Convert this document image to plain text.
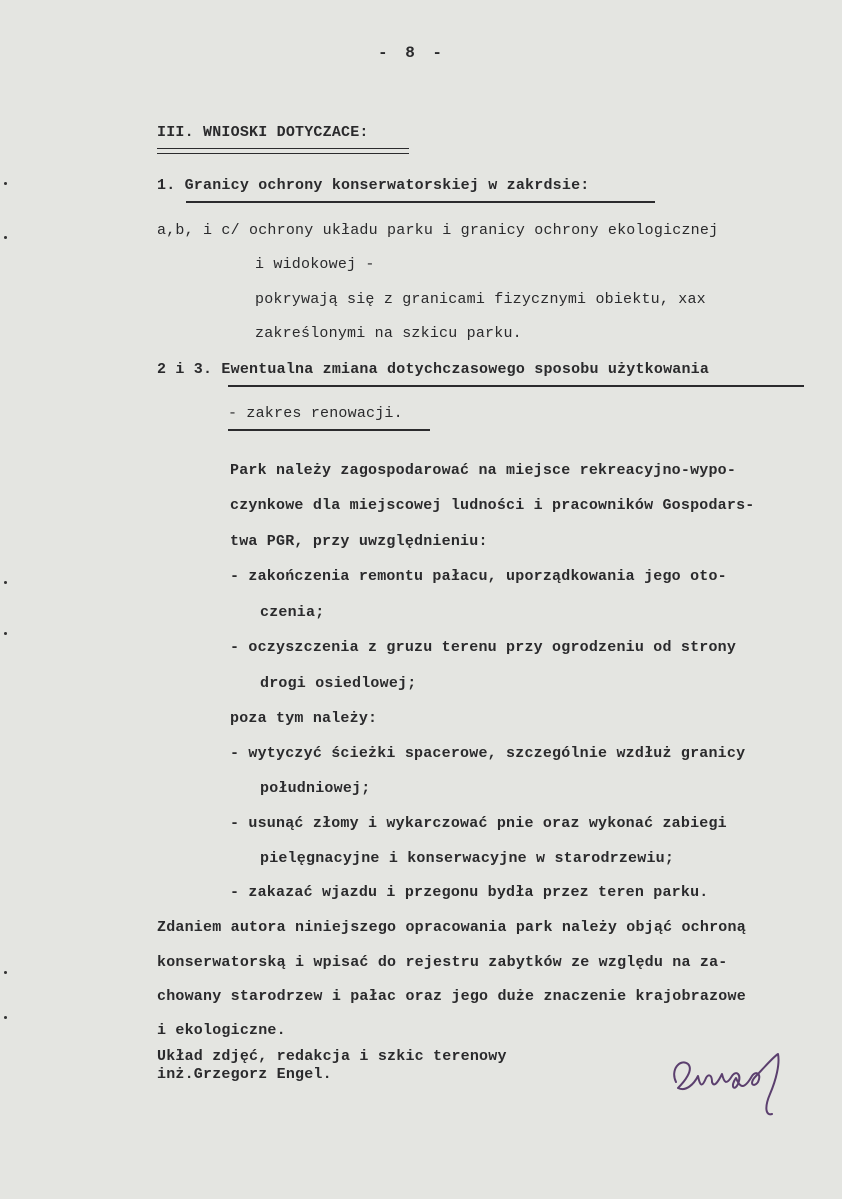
- 8 -
III. WNIOSKI DOTYCZACE:
1. Granicy ochrony konserwatorskiej w zakrdsie:
a,b, i c/ ochrony układu parku i granicy ochrony ekologicznej
i widokowej -
pokrywają się z granicami fizycznymi obiektu, xax
zakreślonymi na szkicu parku.
2 i 3. Ewentualna zmiana dotychczasowego sposobu użytkowania
- zakres renowacji.
Park należy zagospodarować na miejsce rekreacyjno-wypo-
czynkowe dla miejscowej ludności i pracowników Gospodars-
twa PGR, przy uwzględnieniu:
- zakończenia remontu pałacu, uporządkowania jego oto-
czenia;
- oczyszczenia z gruzu terenu przy ogrodzeniu od strony
drogi osiedlowej;
poza tym należy:
- wytyczyć ścieżki spacerowe, szczególnie wzdłuż granicy
południowej;
- usunąć złomy i wykarczować pnie oraz wykonać zabiegi
pielęgnacyjne i konserwacyjne w starodrzewiu;
- zakazać wjazdu i przegonu bydła przez teren parku.
Zdaniem autora niniejszego opracowania park należy objąć ochroną
konserwatorską i wpisać do rejestru zabytków ze względu na za-
chowany starodrzew i pałac oraz jego duże znaczenie krajobrazowe
i ekologiczne.
Układ zdjęć, redakcja i szkic terenowy
inż.Grzegorz Engel.
